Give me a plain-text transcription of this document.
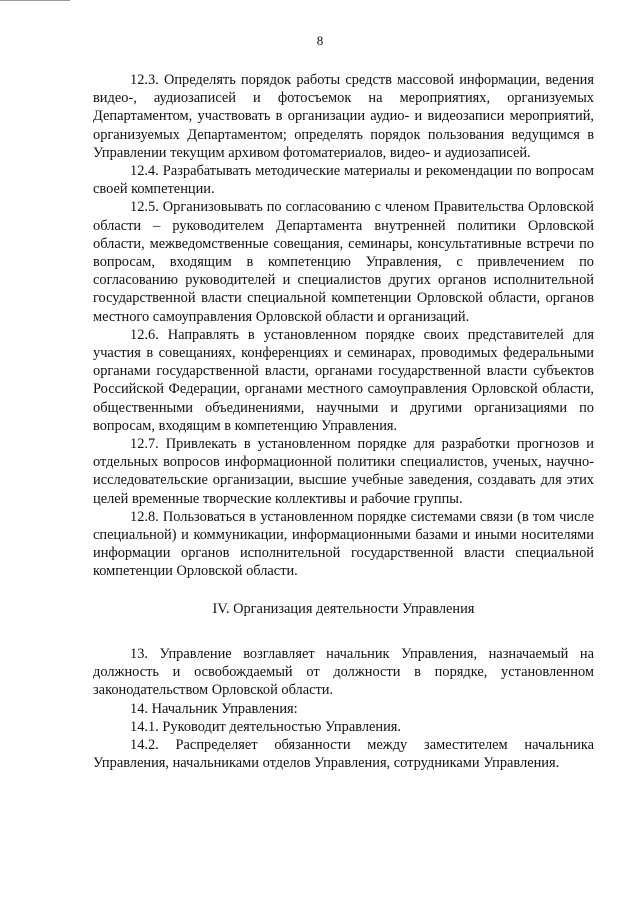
8

12.3. Определять порядок работы средств массовой информации, ведения видео-, аудиозаписей и фотосъемок на мероприятиях, организуемых Департаментом, участвовать в организации аудио- и видеозаписи мероприятий, организуемых Департаментом; определять порядок пользования ведущимся в Управлении текущим архивом фотоматериалов, видео- и аудиозаписей.

12.4. Разрабатывать методические материалы и рекомендации по вопросам своей компетенции.

12.5. Организовывать по согласованию с членом Правительства Орловской области – руководителем Департамента внутренней политики Орловской области, межведомственные совещания, семинары, консультативные встречи по вопросам, входящим в компетенцию Управления, с привлечением по согласованию руководителей и специалистов других органов исполнительной государственной власти специальной компетенции Орловской области, органов местного самоуправления Орловской области и организаций.

12.6. Направлять в установленном порядке своих представителей для участия в совещаниях, конференциях и семинарах, проводимых федеральными органами государственной власти, органами государственной власти субъектов Российской Федерации, органами местного самоуправления Орловской области, общественными объединениями, научными и другими организациями по вопросам, входящим в компетенцию Управления.

12.7. Привлекать в установленном порядке для разработки прогнозов и отдельных вопросов информационной политики специалистов, ученых, научно-исследовательские организации, высшие учебные заведения, создавать для этих целей временные творческие коллективы и рабочие группы.

12.8. Пользоваться в установленном порядке системами связи (в том числе специальной) и коммуникации, информационными базами и иными носителями информации органов исполнительной государственной власти специальной компетенции Орловской области.

IV. Организация деятельности Управления

13. Управление возглавляет начальник Управления, назначаемый на должность и освобождаемый от должности в порядке, установленном законодательством Орловской области.

14. Начальник Управления:

14.1. Руководит деятельностью Управления.

14.2. Распределяет обязанности между заместителем начальника Управления, начальниками отделов Управления, сотрудниками Управления.
